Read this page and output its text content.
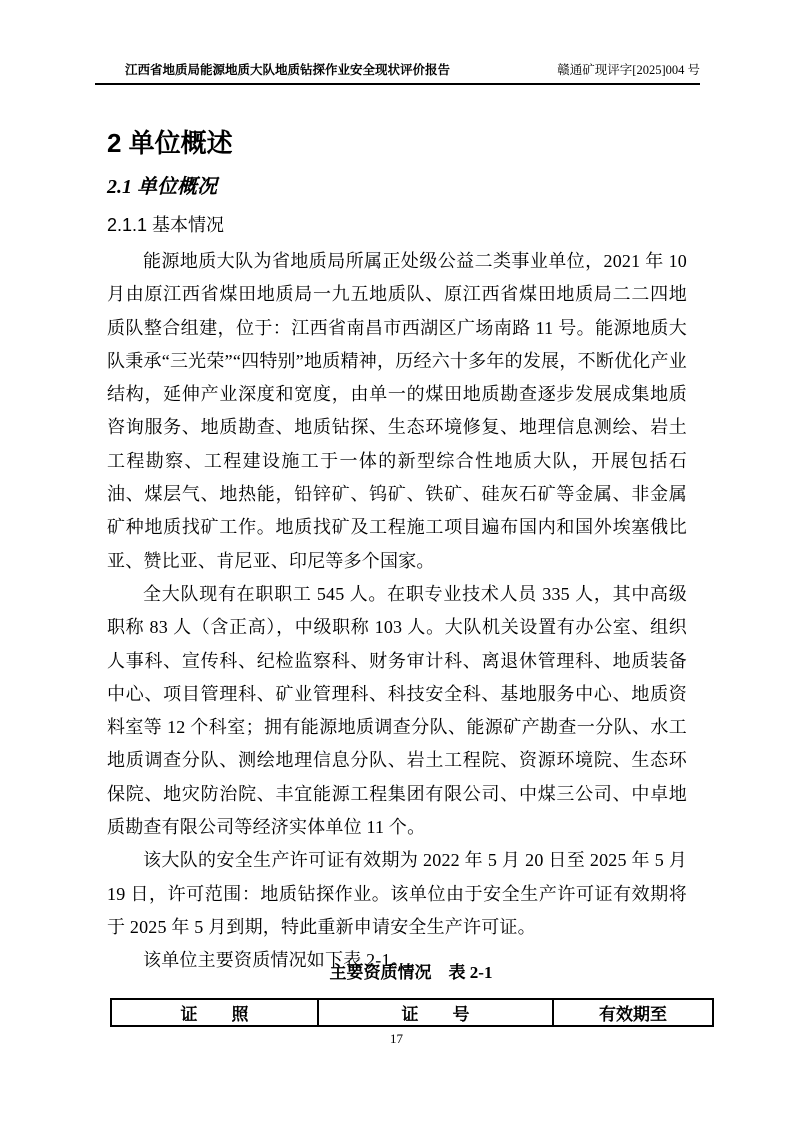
江西省地质局能源地质大队地质钻探作业安全现状评价报告	赣通矿现评字[2025]004 号
2 单位概述
2.1 单位概况
2.1.1 基本情况

能源地质大队为省地质局所属正处级公益二类事业单位，2021 年 10 月由原江西省煤田地质局一九五地质队、原江西省煤田地质局二二四地质队整合组建，位于：江西省南昌市西湖区广场南路 11 号。能源地质大队秉承“三光荣”“四特别”地质精神，历经六十多年的发展，不断优化产业结构，延伸产业深度和宽度，由单一的煤田地质勘查逐步发展成集地质咨询服务、地质勘查、地质钻探、生态环境修复、地理信息测绘、岩土工程勘察、工程建设施工于一体的新型综合性地质大队，开展包括石油、煤层气、地热能，铅锌矿、钨矿、铁矿、硅灰石矿等金属、非金属矿种地质找矿工作。地质找矿及工程施工项目遍布国内和国外埃塞俄比亚、赞比亚、肯尼亚、印尼等多个国家。

全大队现有在职职工 545 人。在职专业技术人员 335 人，其中高级职称 83 人（含正高），中级职称 103 人。大队机关设置有办公室、组织人事科、宣传科、纪检监察科、财务审计科、离退休管理科、地质装备中心、项目管理科、矿业管理科、科技安全科、基地服务中心、地质资料室等 12 个科室；拥有能源地质调查分队、能源矿产勘查一分队、水工地质调查分队、测绘地理信息分队、岩土工程院、资源环境院、生态环保院、地灾防治院、丰宜能源工程集团有限公司、中煤三公司、中卓地质勘查有限公司等经济实体单位 11 个。

该大队的安全生产许可证有效期为 2022 年 5 月 20 日至 2025 年 5 月 19 日，许可范围：地质钻探作业。该单位由于安全生产许可证有效期将于 2025 年 5 月到期，特此重新申请安全生产许可证。

该单位主要资质情况如下表 2-1。

主要资质情况　表 2-1
证　　照	证　　号	有效期至
17
